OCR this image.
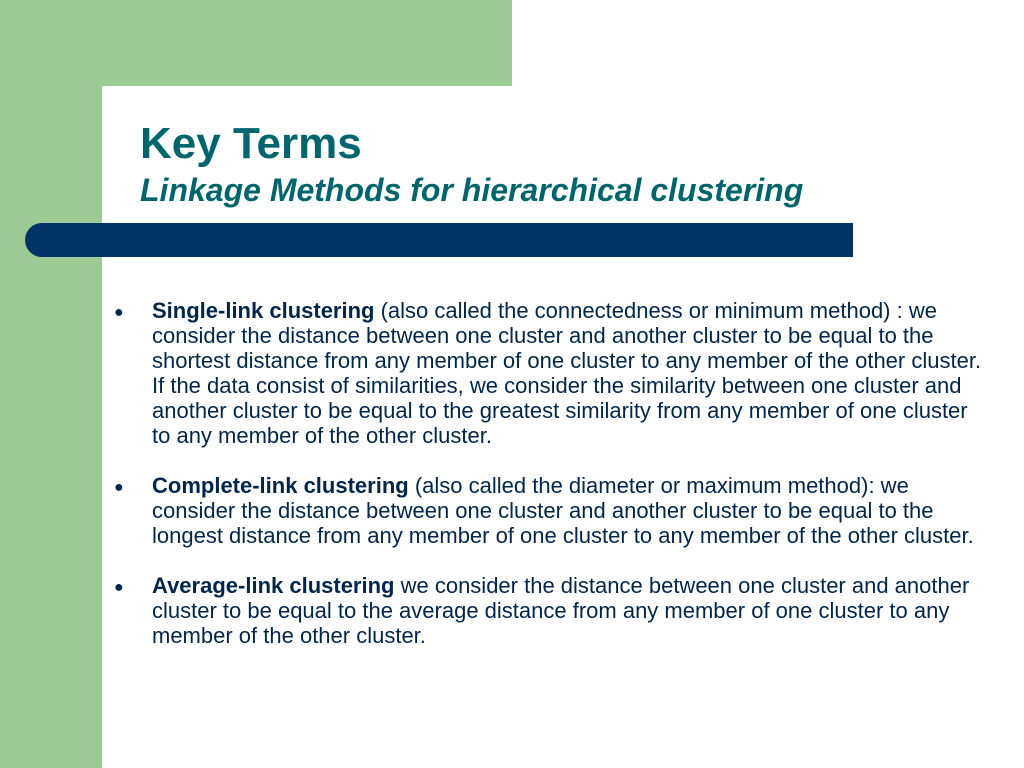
Key Terms
Linkage Methods for hierarchical clustering
● Single-link clustering (also called the connectedness or minimum method) : we consider the distance between one cluster and another cluster to be equal to the shortest distance from any member of one cluster to any member of the other cluster. If the data consist of similarities, we consider the similarity between one cluster and another cluster to be equal to the greatest similarity from any member of one cluster to any member of the other cluster.
● Complete-link clustering (also called the diameter or maximum method): we consider the distance between one cluster and another cluster to be equal to the longest distance from any member of one cluster to any member of the other cluster.
● Average-link clustering we consider the distance between one cluster and another cluster to be equal to the average distance from any member of one cluster to any member of the other cluster.
